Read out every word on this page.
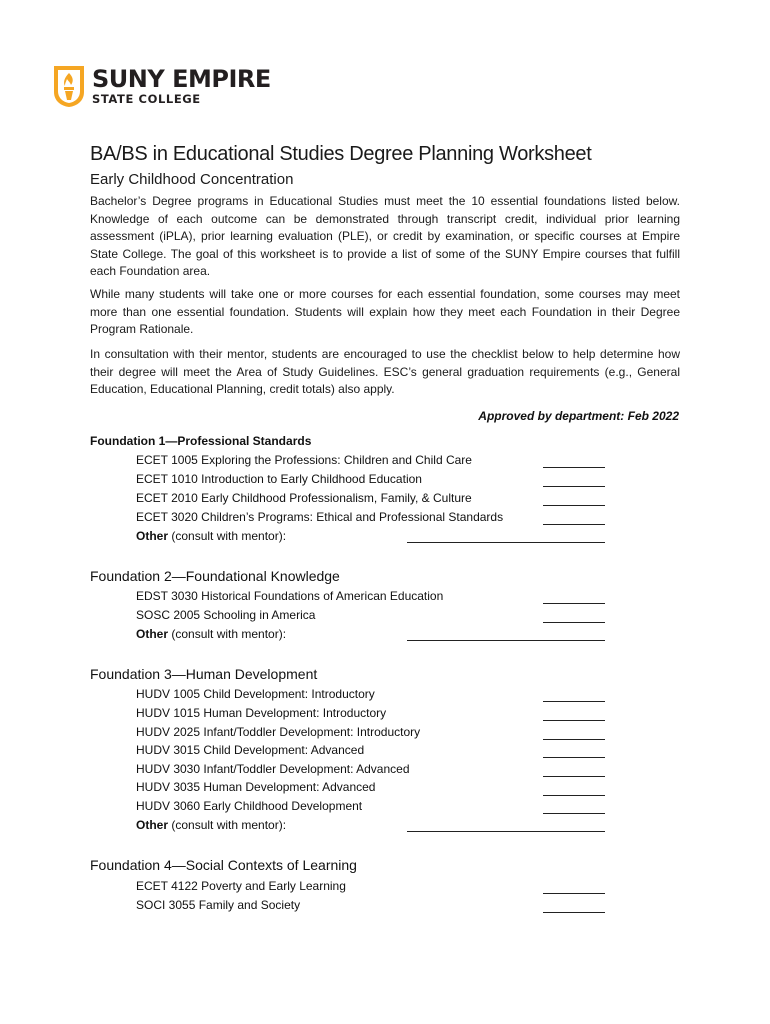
SUNY EMPIRE
STATE COLLEGE
BA/BS in Educational Studies Degree Planning Worksheet
Early Childhood Concentration
Bachelor’s Degree programs in Educational Studies must meet the 10 essential foundations listed below. Knowledge of each outcome can be demonstrated through transcript credit, individual prior learning assessment (iPLA), prior learning evaluation (PLE), or credit by examination, or specific courses at Empire State College. The goal of this worksheet is to provide a list of some of the SUNY Empire courses that fulfill each Foundation area.
While many students will take one or more courses for each essential foundation, some courses may meet more than one essential foundation. Students will explain how they meet each Foundation in their Degree Program Rationale.
In consultation with their mentor, students are encouraged to use the checklist below to help determine how their degree will meet the Area of Study Guidelines. ESC’s general graduation requirements (e.g., General Education, Educational Planning, credit totals) also apply.
Approved by department: Feb 2022
Foundation 1—Professional Standards
ECET 1005 Exploring the Professions: Children and Child Care
ECET 1010 Introduction to Early Childhood Education
ECET 2010 Early Childhood Professionalism, Family, & Culture
ECET 3020 Children’s Programs: Ethical and Professional Standards
Other (consult with mentor):
Foundation 2—Foundational Knowledge
EDST 3030 Historical Foundations of American Education
SOSC 2005 Schooling in America
Other (consult with mentor):
Foundation 3—Human Development
HUDV 1005 Child Development: Introductory
HUDV 1015 Human Development: Introductory
HUDV 2025 Infant/Toddler Development: Introductory
HUDV 3015 Child Development: Advanced
HUDV 3030 Infant/Toddler Development: Advanced
HUDV 3035 Human Development: Advanced
HUDV 3060 Early Childhood Development
Other (consult with mentor):
Foundation 4—Social Contexts of Learning
ECET 4122 Poverty and Early Learning
SOCI 3055 Family and Society
